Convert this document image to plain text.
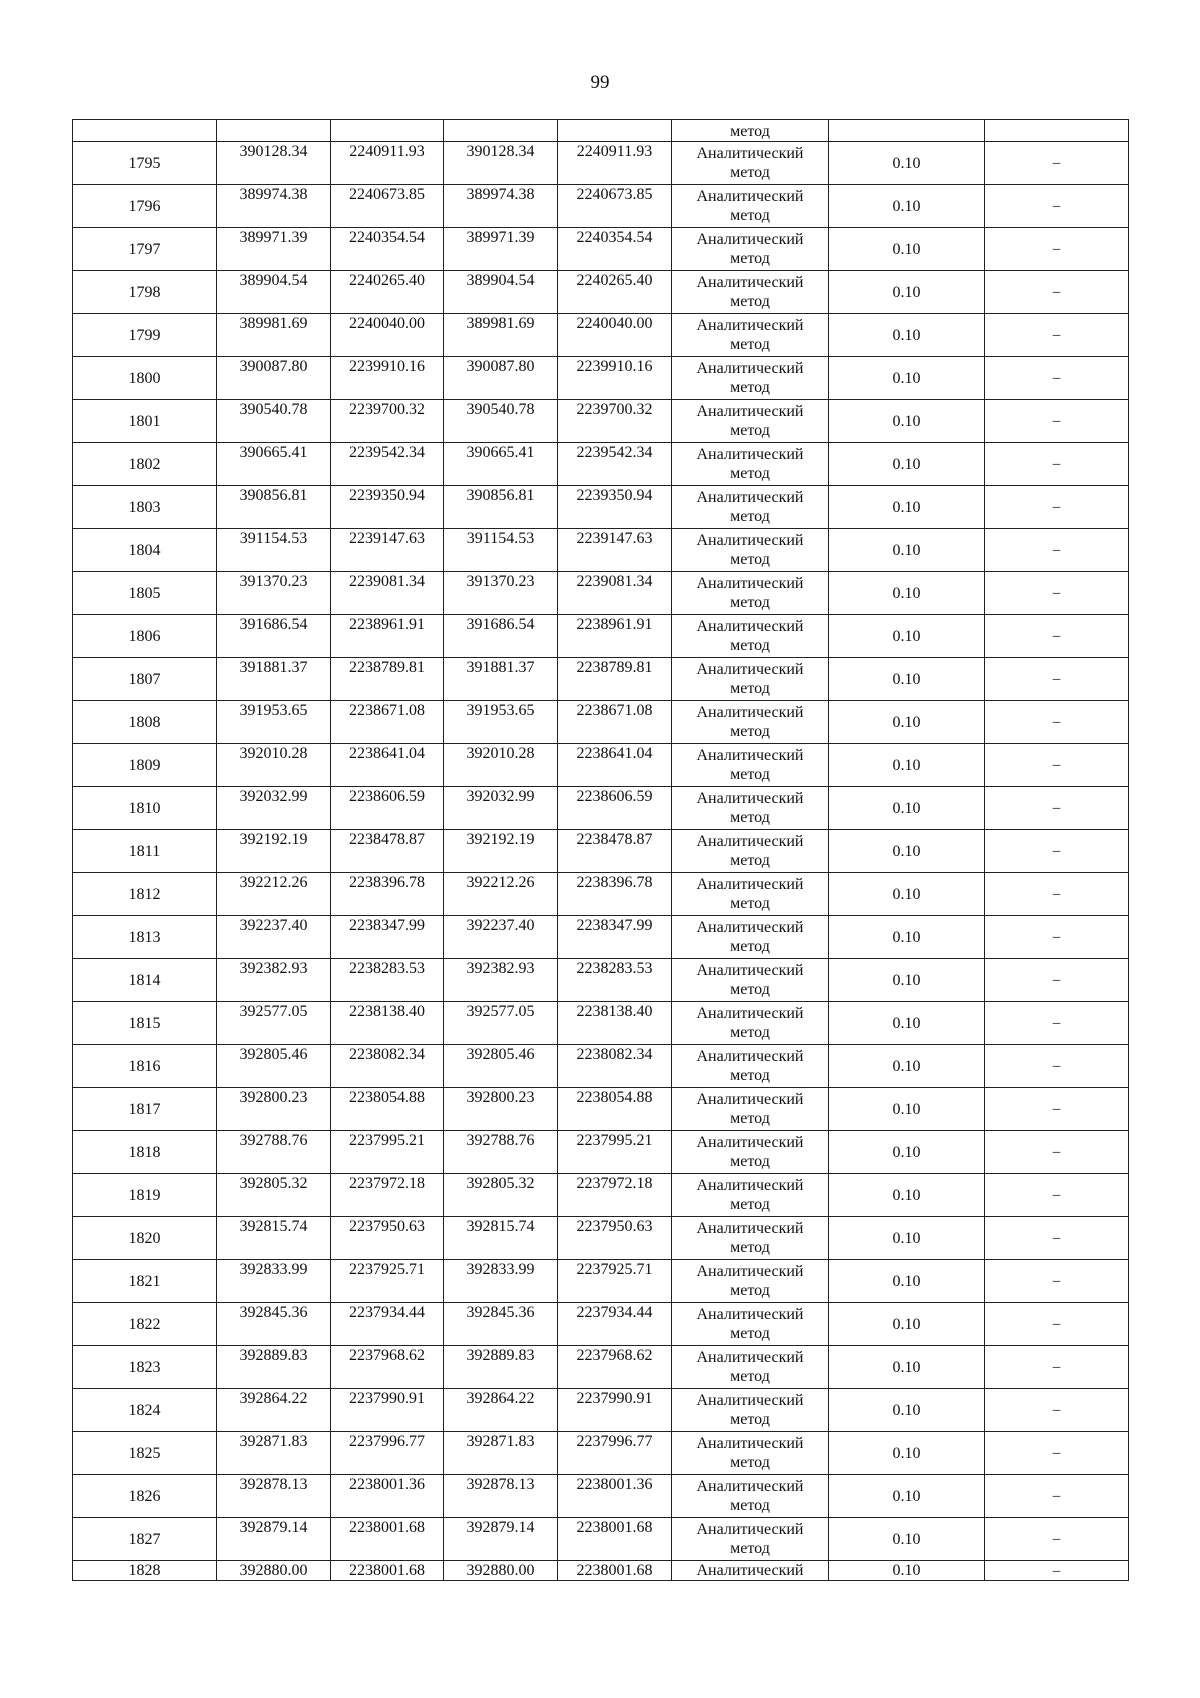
99
					метод		
1795	390128.34	2240911.93	390128.34	2240911.93	Аналитический
метод	0.10	–
1796	389974.38	2240673.85	389974.38	2240673.85	Аналитический
метод	0.10	–
1797	389971.39	2240354.54	389971.39	2240354.54	Аналитический
метод	0.10	–
1798	389904.54	2240265.40	389904.54	2240265.40	Аналитический
метод	0.10	–
1799	389981.69	2240040.00	389981.69	2240040.00	Аналитический
метод	0.10	–
1800	390087.80	2239910.16	390087.80	2239910.16	Аналитический
метод	0.10	–
1801	390540.78	2239700.32	390540.78	2239700.32	Аналитический
метод	0.10	–
1802	390665.41	2239542.34	390665.41	2239542.34	Аналитический
метод	0.10	–
1803	390856.81	2239350.94	390856.81	2239350.94	Аналитический
метод	0.10	–
1804	391154.53	2239147.63	391154.53	2239147.63	Аналитический
метод	0.10	–
1805	391370.23	2239081.34	391370.23	2239081.34	Аналитический
метод	0.10	–
1806	391686.54	2238961.91	391686.54	2238961.91	Аналитический
метод	0.10	–
1807	391881.37	2238789.81	391881.37	2238789.81	Аналитический
метод	0.10	–
1808	391953.65	2238671.08	391953.65	2238671.08	Аналитический
метод	0.10	–
1809	392010.28	2238641.04	392010.28	2238641.04	Аналитический
метод	0.10	–
1810	392032.99	2238606.59	392032.99	2238606.59	Аналитический
метод	0.10	–
1811	392192.19	2238478.87	392192.19	2238478.87	Аналитический
метод	0.10	–
1812	392212.26	2238396.78	392212.26	2238396.78	Аналитический
метод	0.10	–
1813	392237.40	2238347.99	392237.40	2238347.99	Аналитический
метод	0.10	–
1814	392382.93	2238283.53	392382.93	2238283.53	Аналитический
метод	0.10	–
1815	392577.05	2238138.40	392577.05	2238138.40	Аналитический
метод	0.10	–
1816	392805.46	2238082.34	392805.46	2238082.34	Аналитический
метод	0.10	–
1817	392800.23	2238054.88	392800.23	2238054.88	Аналитический
метод	0.10	–
1818	392788.76	2237995.21	392788.76	2237995.21	Аналитический
метод	0.10	–
1819	392805.32	2237972.18	392805.32	2237972.18	Аналитический
метод	0.10	–
1820	392815.74	2237950.63	392815.74	2237950.63	Аналитический
метод	0.10	–
1821	392833.99	2237925.71	392833.99	2237925.71	Аналитический
метод	0.10	–
1822	392845.36	2237934.44	392845.36	2237934.44	Аналитический
метод	0.10	–
1823	392889.83	2237968.62	392889.83	2237968.62	Аналитический
метод	0.10	–
1824	392864.22	2237990.91	392864.22	2237990.91	Аналитический
метод	0.10	–
1825	392871.83	2237996.77	392871.83	2237996.77	Аналитический
метод	0.10	–
1826	392878.13	2238001.36	392878.13	2238001.36	Аналитический
метод	0.10	–
1827	392879.14	2238001.68	392879.14	2238001.68	Аналитический
метод	0.10	–
1828	392880.00	2238001.68	392880.00	2238001.68	Аналитический	0.10	–
